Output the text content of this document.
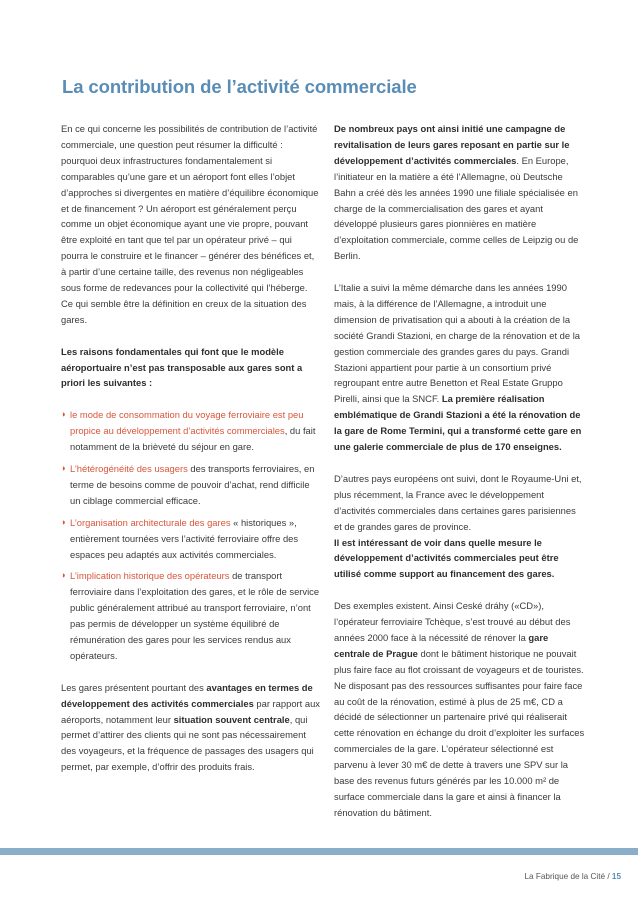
La contribution de l’activité commerciale

En ce qui concerne les possibilités de contribution de l’activité commerciale, une question peut résumer la difficulté : pourquoi deux infrastructures fondamentalement si comparables qu’une gare et un aéroport font elles l’objet d’approches si divergentes en matière d’équilibre économique et de financement ? Un aéroport est généralement perçu comme un objet économique ayant une vie propre, pouvant être exploité en tant que tel par un opérateur privé – qui pourra le construire et le financer – générer des bénéfices et, à partir d’une certaine taille, des revenus non négligeables sous forme de redevances pour la collectivité qui l’héberge. Ce qui semble être la définition en creux de la situation des gares.

Les raisons fondamentales qui font que le modèle aéroportuaire n’est pas transposable aux gares sont a priori les suivantes :

◗ le mode de consommation du voyage ferroviaire est peu propice au développement d’activités commerciales, du fait notamment de la brièveté du séjour en gare.
◗ L’hétérogénéité des usagers des transports ferroviaires, en terme de besoins comme de pouvoir d’achat, rend difficile un ciblage commercial efficace.
◗ L’organisation architecturale des gares « historiques », entièrement tournées vers l’activité ferroviaire offre des espaces peu adaptés aux activités commerciales.
◗ L’implication historique des opérateurs de transport ferroviaire dans l’exploitation des gares, et le rôle de service public généralement attribué au transport ferroviaire, n’ont pas permis de développer un système équilibré de rémunération des gares pour les services rendus aux opérateurs.

Les gares présentent pourtant des avantages en termes de développement des activités commerciales par rapport aux aéroports, notamment leur situation souvent centrale, qui permet d’attirer des clients qui ne sont pas nécessairement des voyageurs, et la fréquence de passages des usagers qui permet, par exemple, d’offrir des produits frais.

De nombreux pays ont ainsi initié une campagne de revitalisation de leurs gares reposant en partie sur le développement d’activités commerciales. En Europe, l’initiateur en la matière a été l’Allemagne, où Deutsche Bahn a créé dès les années 1990 une filiale spécialisée en charge de la commercialisation des gares et ayant développé plusieurs gares pionnières en matière d’exploitation commerciale, comme celles de Leipzig ou de Berlin.

L’Italie a suivi la même démarche dans les années 1990 mais, à la différence de l’Allemagne, a introduit une dimension de privatisation qui a abouti à la création de la société Grandi Stazioni, en charge de la rénovation et de la gestion commerciale des grandes gares du pays. Grandi Stazioni appartient pour partie à un consortium privé regroupant entre autre Benetton et Real Estate Gruppo Pirelli, ainsi que la SNCF. La première réalisation emblématique de Grandi Stazioni a été la rénovation de la gare de Rome Termini, qui a transformé cette gare en une galerie commerciale de plus de 170 enseignes.

D’autres pays européens ont suivi, dont le Royaume-Uni et, plus récemment, la France avec le développement d’activités commerciales dans certaines gares parisiennes et de grandes gares de province.

Il est intéressant de voir dans quelle mesure le développement d’activités commerciales peut être utilisé comme support au financement des gares.

Des exemples existent. Ainsi Ceské dráhy («CD»), l’opérateur ferroviaire Tchèque, s’est trouvé au début des années 2000 face à la nécessité de rénover la gare centrale de Prague dont le bâtiment historique ne pouvait plus faire face au flot croissant de voyageurs et de touristes. Ne disposant pas des ressources suffisantes pour faire face au coût de la rénovation, estimé à plus de 25 m€, CD a décidé de sélectionner un partenaire privé qui réaliserait cette rénovation en échange du droit d’exploiter les surfaces commerciales de la gare. L’opérateur sélectionné est parvenu à lever 30 m€ de dette à travers une SPV sur la base des revenus futurs générés par les 10.000 m² de surface commerciale dans la gare et ainsi à financer la rénovation du bâtiment.

La Fabrique de la Cité / 15
